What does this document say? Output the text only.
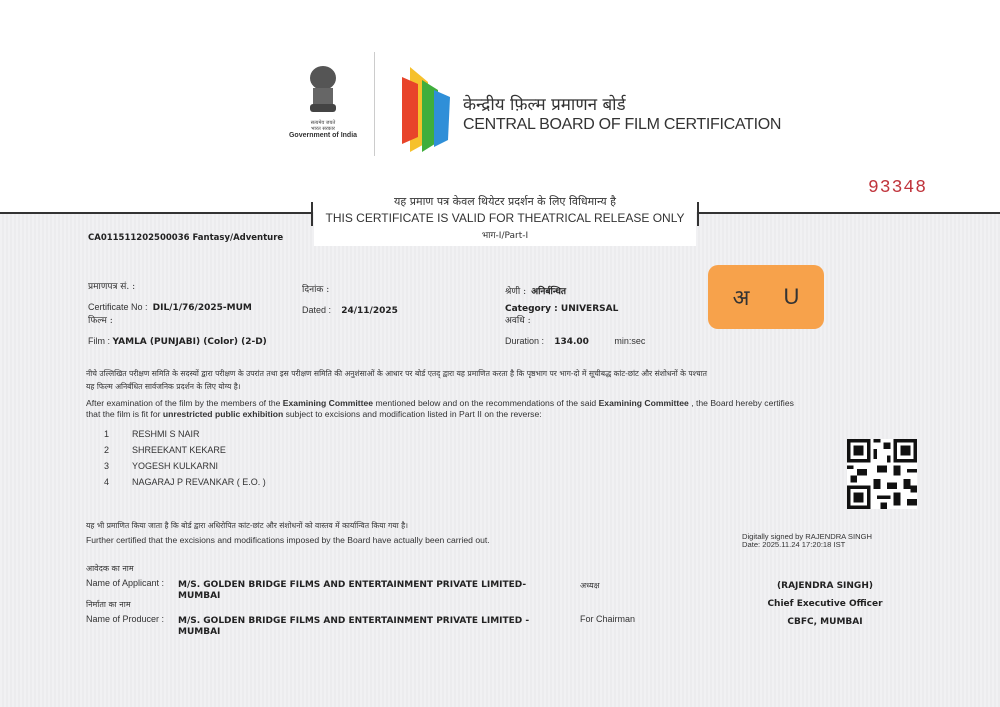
सत्यमेव जयते
भारत सरकार
Government of India
केन्द्रीय फ़िल्म प्रमाणन बोर्ड
CENTRAL BOARD OF FILM CERTIFICATION
93348
यह प्रमाण पत्र केवल थियेटर प्रदर्शन के लिए विधिमान्य है
THIS CERTIFICATE IS VALID FOR THEATRICAL RELEASE ONLY
भाग-I/Part-I
CA011511202500036 Fantasy/Adventure
प्रमाणपत्र सं. :
Certificate No : DIL/1/76/2025-MUM
दिनांक :
Dated : 24/11/2025
श्रेणी : अनिर्बन्धित
Category : UNIVERSAL
फिल्म :
Film : YAMLA (PUNJABI) (Color) (2-D)
अवधि :
Duration : 134.00	min:sec
अ U
नीचे उल्लिखित परीक्षण समिति के सदस्यों द्वारा परीक्षण के उपरांत तथा इस परीक्षण समिति की अनुशंसाओं के आधार पर बोर्ड एतद् द्वारा यह प्रमाणित करता है कि पृष्ठभाग पर भाग-दो में सूचीबद्ध कांट-छांट और संशोधनों के पश्चात
यह फिल्म अनिर्बंधित सार्वजनिक प्रदर्शन के लिए योग्य है।
After examination of the film by the members of the Examining Committee mentioned below and on the recommendations of the said Examining Committee , the Board hereby certifies
that the film is fit for unrestricted public exhibition subject to excisions and modification listed in Part II on the reverse:
1	RESHMI S NAIR
2	SHREEKANT KEKARE
3	YOGESH KULKARNI
4	NAGARAJ P REVANKAR ( E.O. )
यह भी प्रमाणित किया जाता है कि बोर्ड द्वारा अधिरोपित कांट-छांट और संशोधनों को वास्तव में कार्यान्वित किया गया है।
Further certified that the excisions and modifications imposed by the Board have actually been carried out.	Digitally signed by RAJENDRA SINGH
Date: 2025.11.24 17:20:18 IST
आवेदक का नाम
Name of Applicant : M/S. GOLDEN BRIDGE FILMS AND ENTERTAINMENT PRIVATE LIMITED-
MUMBAI
निर्माता का नाम
Name of Producer : M/S. GOLDEN BRIDGE FILMS AND ENTERTAINMENT PRIVATE LIMITED -
MUMBAI
अध्यक्ष
For Chairman
(RAJENDRA SINGH)
Chief Executive Officer
CBFC, MUMBAI
